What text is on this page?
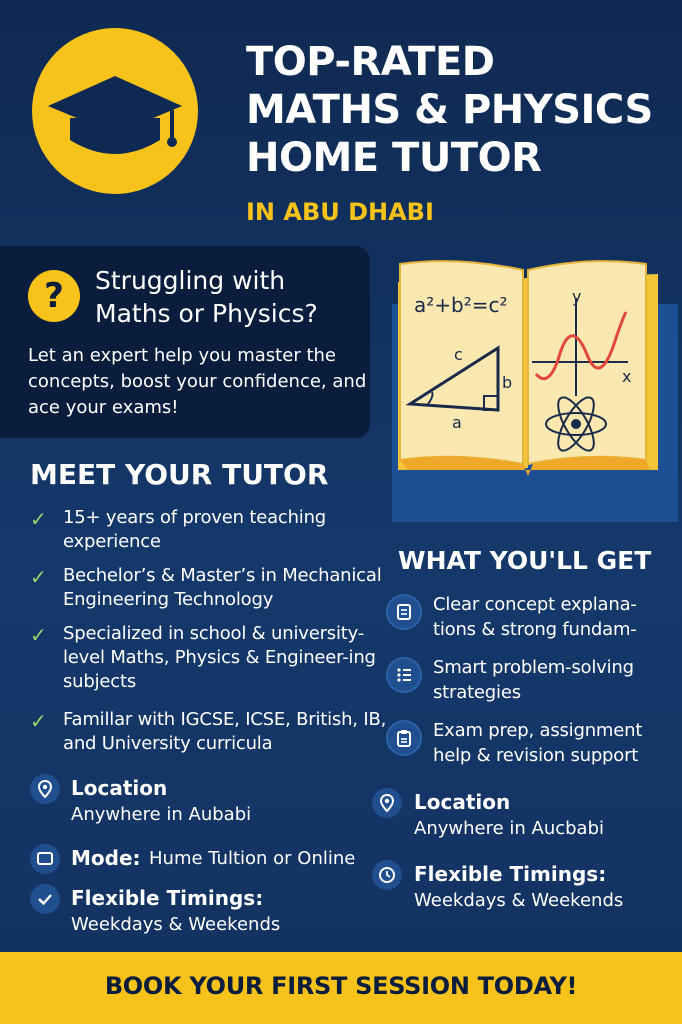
TOP-RATED
MATHS & PHYSICS
HOME TUTOR
IN ABU DHABI
?	Struggling with Maths or Physics?
Let an expert help you master the concepts, boost your confidence, and ace your exams!
a²+b²=c²
c
b
a
y
x
MEET YOUR TUTOR
✓ 15+ years of proven teaching experience
✓ Bechelor’s & Master’s in Mechanical Engineering Technology
✓ Specialized in school & university-level Maths, Physics & Engineer-ing subjects
✓ Famillar with IGCSE, ICSE, British, IB, and University curricula
Location
Anywhere in Aubabi
Mode: Hume Tultion or Online
Flexible Timings:
Weekdays & Weekends
WHAT YOU'LL GET
Clear concept explana-tions & strong fundam-
Smart problem-solving strategies
Exam prep, assignment help & revision support
Location
Anywhere in Aucbabi
Flexible Timings:
Weekdays & Weekends
BOOK YOUR FIRST SESSION TODAY!
